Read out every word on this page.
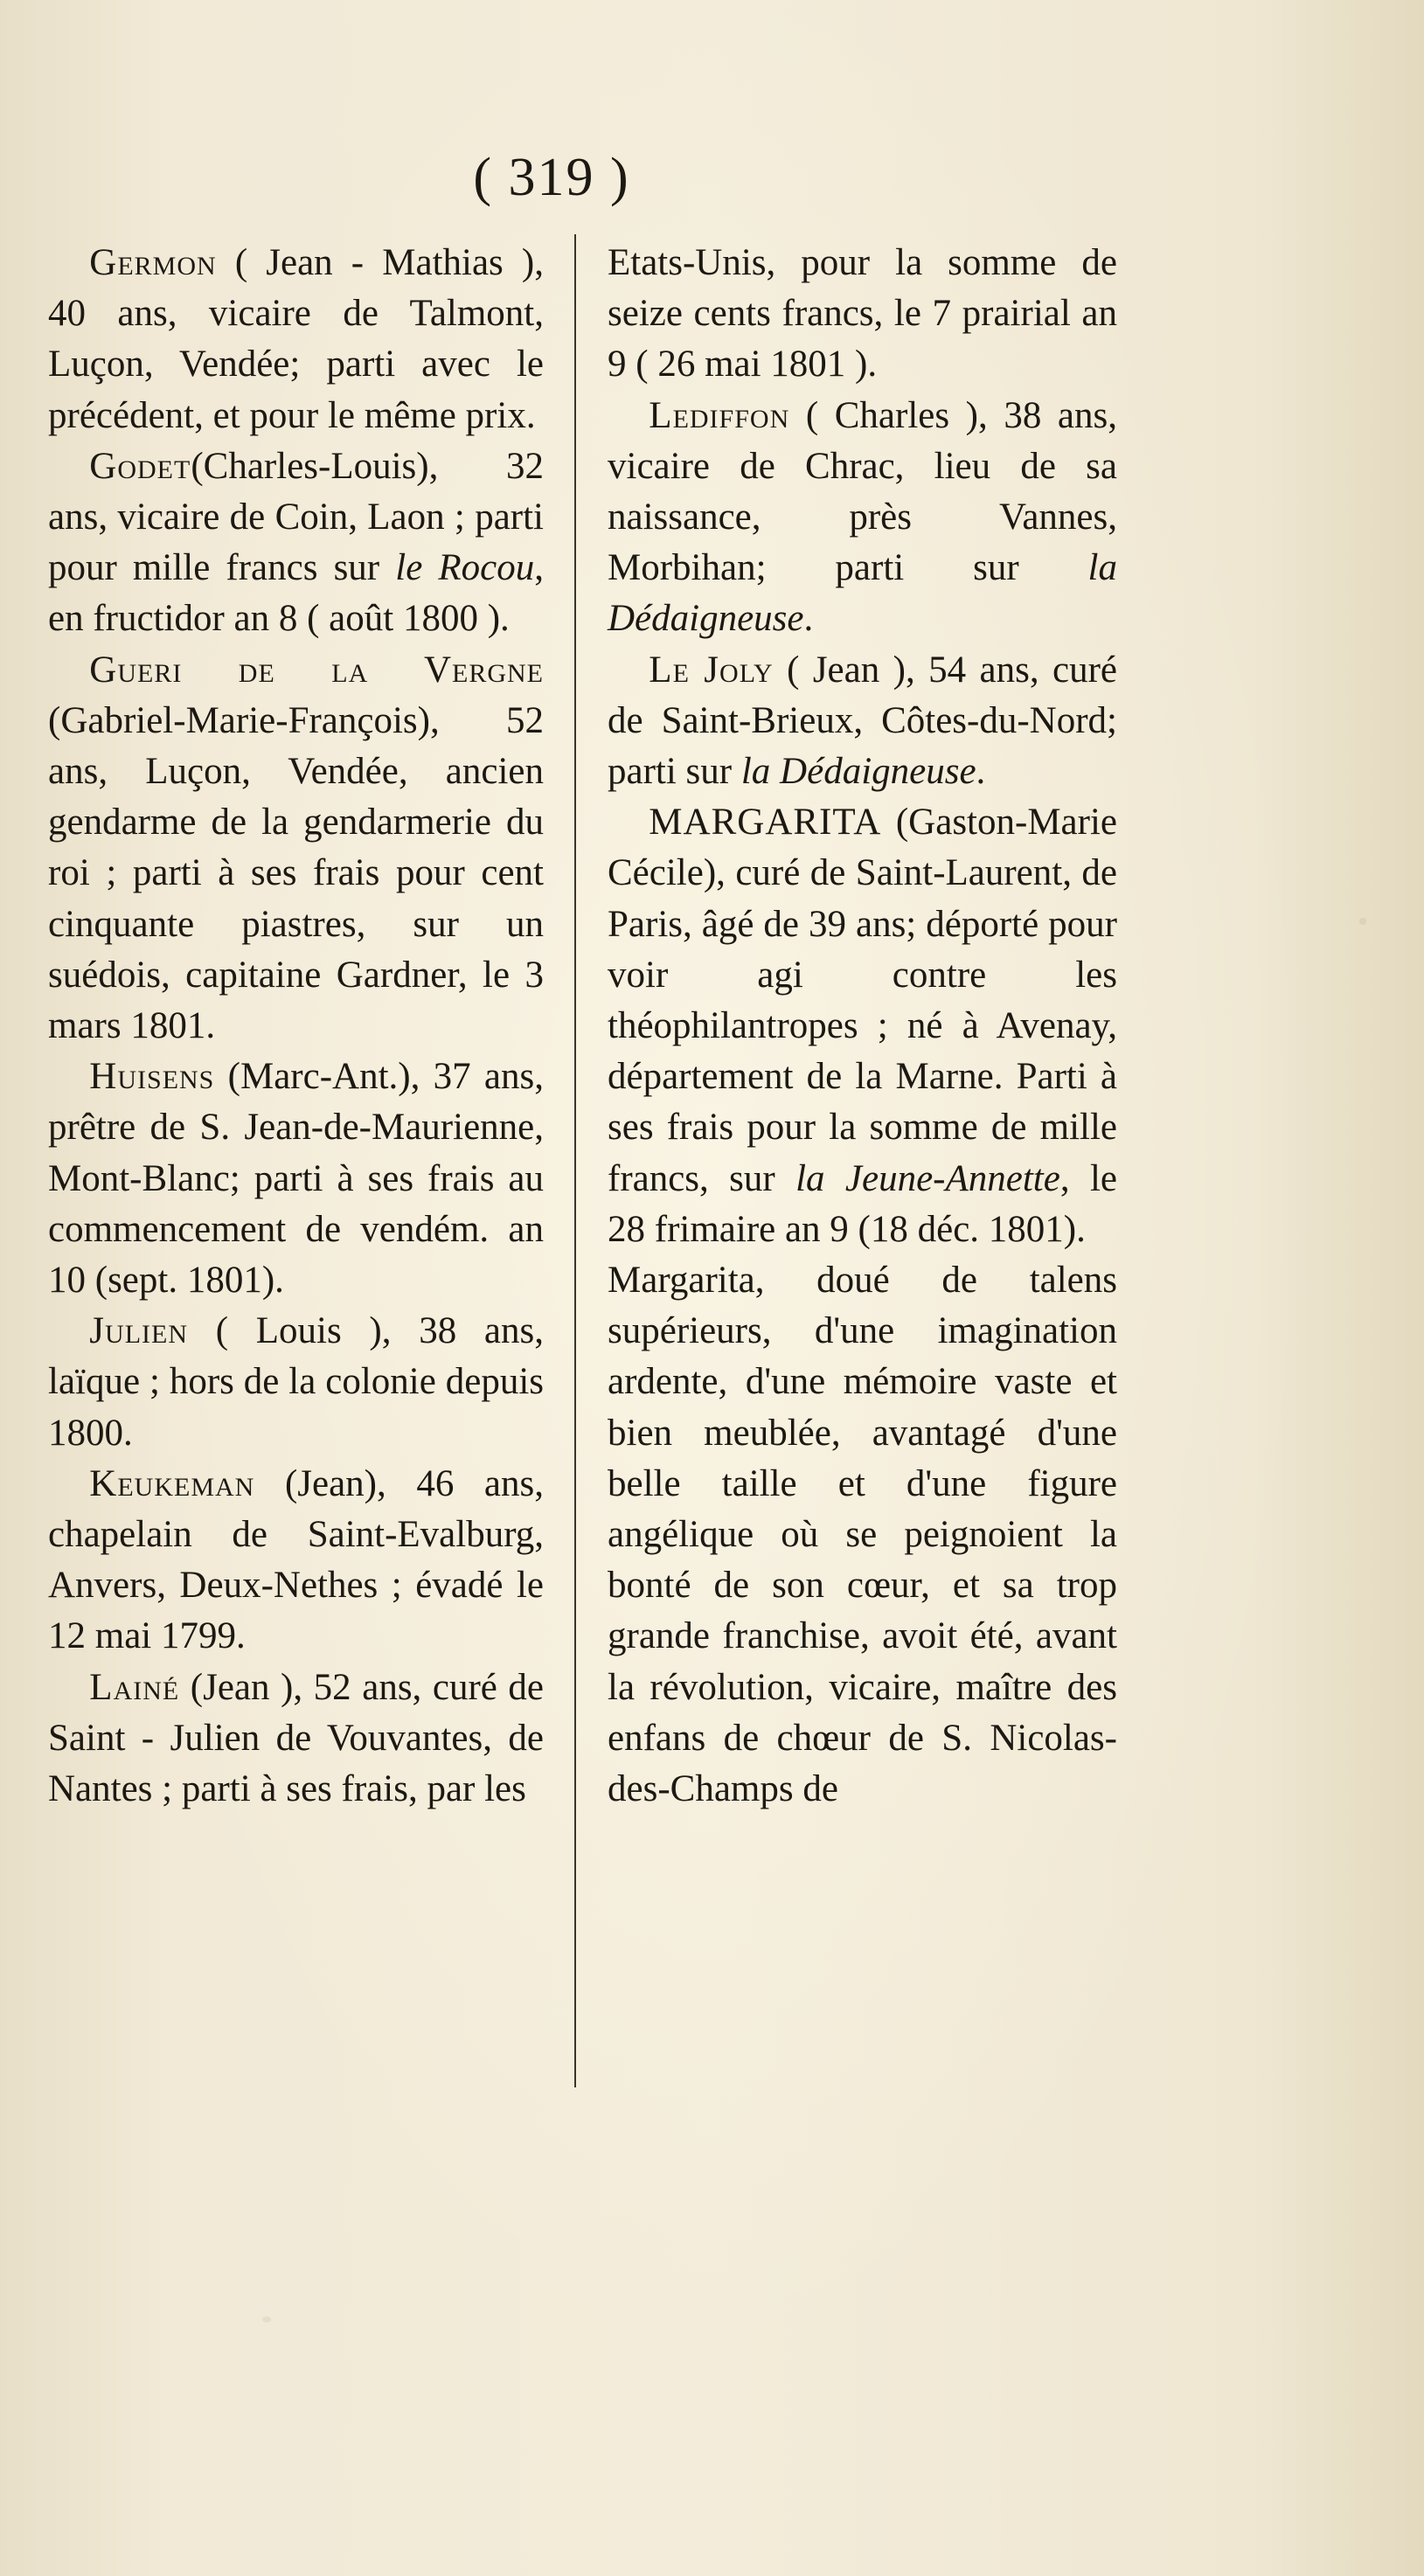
( 319 )

Germon ( Jean - Mathias ), 40 ans, vicaire de Talmont, Luçon, Vendée; parti avec le précédent, et pour le même prix.

Godet(Charles-Louis), 32 ans, vicaire de Coin, Laon ; parti pour mille francs sur le Rocou, en fructidor an 8 ( août 1800 ).

Gueri de la Vergne (Gabriel-Marie-François), 52 ans, Luçon, Vendée, ancien gendarme de la gendarmerie du roi ; parti à ses frais pour cent cinquante piastres, sur un suédois, capitaine Gardner, le 3 mars 1801.

Huisens (Marc-Ant.), 37 ans, prêtre de S. Jean-de-Maurienne, Mont-Blanc; parti à ses frais au commencement de vendém. an 10 (sept. 1801).

Julien ( Louis ), 38 ans, laïque ; hors de la colonie depuis 1800.

Keukeman (Jean), 46 ans, chapelain de Saint-Evalburg, Anvers, Deux-Nethes ; évadé le 12 mai 1799.

Lainé (Jean ), 52 ans, curé de Saint - Julien de Vouvantes, de Nantes ; parti à ses frais, par les

Etats-Unis, pour la somme de seize cents francs, le 7 prairial an 9 ( 26 mai 1801 ).

Lediffon ( Charles ), 38 ans, vicaire de Chrac, lieu de sa naissance, près Vannes, Morbihan; parti sur la Dédaigneuse.

Le Joly ( Jean ), 54 ans, curé de Saint-Brieux, Côtes-du-Nord; parti sur la Dédaigneuse.

MARGARITA (Gaston-Marie Cécile), curé de Saint-Laurent, de Paris, âgé de 39 ans; déporté pour voir agi contre les théophilantropes ; né à Avenay, département de la Marne. Parti à ses frais pour la somme de mille francs, sur la Jeune-Annette, le 28 frimaire an 9 (18 déc. 1801).

Margarita, doué de talens supérieurs, d'une imagination ardente, d'une mémoire vaste et bien meublée, avantagé d'une belle taille et d'une figure angélique où se peignoient la bonté de son cœur, et sa trop grande franchise, avoit été, avant la révolution, vicaire, maître des enfans de chœur de S. Nicolas-des-Champs de
